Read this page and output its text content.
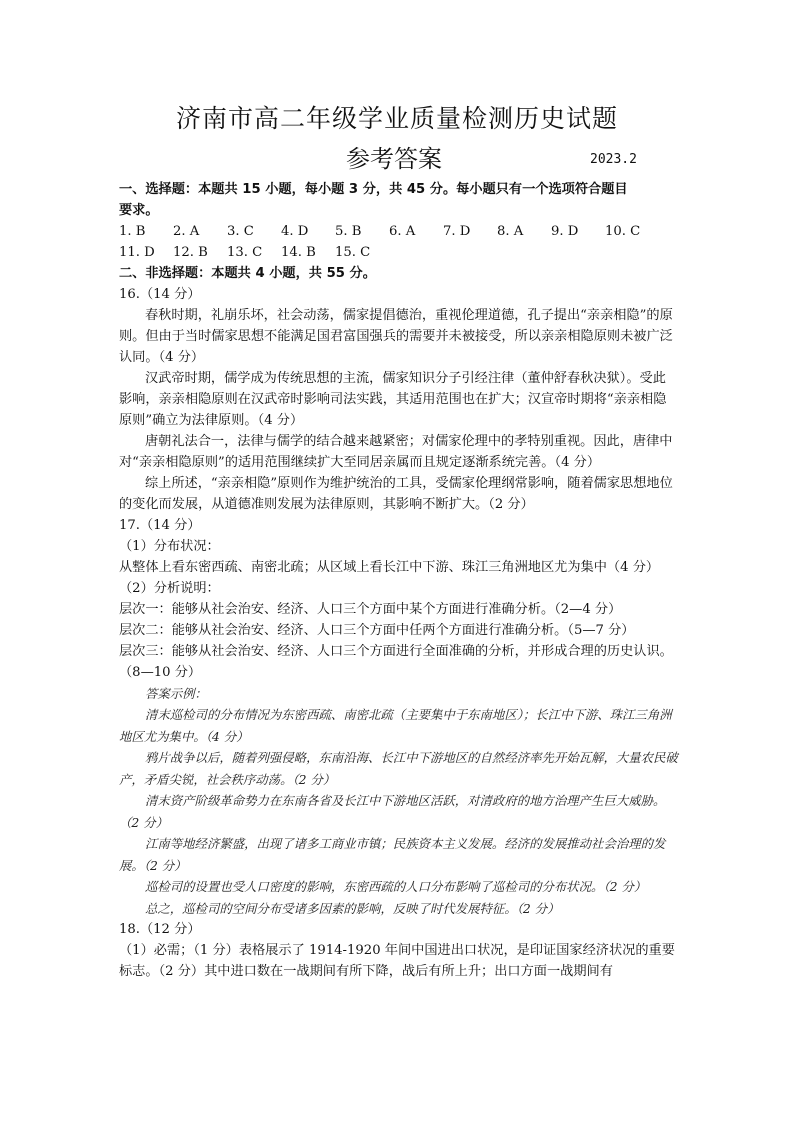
济南市高二年级学业质量检测历史试题
参考答案	2023.2
一、选择题：本题共 15 小题，每小题 3 分，共 45 分。每小题只有一个选项符合题目
要求。
1. B	2. A	3. C	4. D	5. B	6. A	7. D	8. A	9. D	10. C
11. D	12. B	13. C	14. B	15. C
二、非选择题：本题共 4 小题，共 55 分。
16.（14 分）
春秋时期，礼崩乐坏，社会动荡，儒家提倡德治，重视伦理道德，孔子提出“亲亲相隐”的原则。但由于当时儒家思想不能满足国君富国强兵的需要并未被接受，所以亲亲相隐原则未被广泛认同。（4 分）
汉武帝时期，儒学成为传统思想的主流，儒家知识分子引经注律（董仲舒春秋决狱）。受此影响，亲亲相隐原则在汉武帝时影响司法实践，其适用范围也在扩大；汉宣帝时期将“亲亲相隐原则”确立为法律原则。（4 分）
唐朝礼法合一，法律与儒学的结合越来越紧密；对儒家伦理中的孝特别重视。因此，唐律中对“亲亲相隐原则”的适用范围继续扩大至同居亲属而且规定逐渐系统完善。（4 分）
综上所述，“亲亲相隐”原则作为维护统治的工具，受儒家伦理纲常影响，随着儒家思想地位的变化而发展，从道德准则发展为法律原则，其影响不断扩大。（2 分）
17.（14 分）
（1）分布状况：
从整体上看东密西疏、南密北疏；从区域上看长江中下游、珠江三角洲地区尤为集中（4 分）
（2）分析说明：
层次一：能够从社会治安、经济、人口三个方面中某个方面进行准确分析。（2—4 分）
层次二：能够从社会治安、经济、人口三个方面中任两个方面进行准确分析。（5—7 分）
层次三：能够从社会治安、经济、人口三个方面进行全面准确的分析，并形成合理的历史认识。
（8—10 分）
答案示例：
清末巡检司的分布情况为东密西疏、南密北疏（主要集中于东南地区）；长江中下游、珠江三角洲地区尤为集中。（4 分）
鸦片战争以后，随着列强侵略，东南沿海、长江中下游地区的自然经济率先开始瓦解，大量农民破产，矛盾尖锐，社会秩序动荡。（2 分）
清末资产阶级革命势力在东南各省及长江中下游地区活跃，对清政府的地方治理产生巨大威胁。（2 分）
江南等地经济繁盛，出现了诸多工商业市镇；民族资本主义发展。经济的发展推动社会治理的发展。（2 分）
巡检司的设置也受人口密度的影响，东密西疏的人口分布影响了巡检司的分布状况。（2 分）
总之，巡检司的空间分布受诸多因素的影响，反映了时代发展特征。（2 分）
18.（12 分）
（1）必需；（1 分）表格展示了 1914-1920 年间中国进出口状况，是印证国家经济状况的重要标志。（2 分）其中进口数在一战期间有所下降，战后有所上升；出口方面一战期间有
